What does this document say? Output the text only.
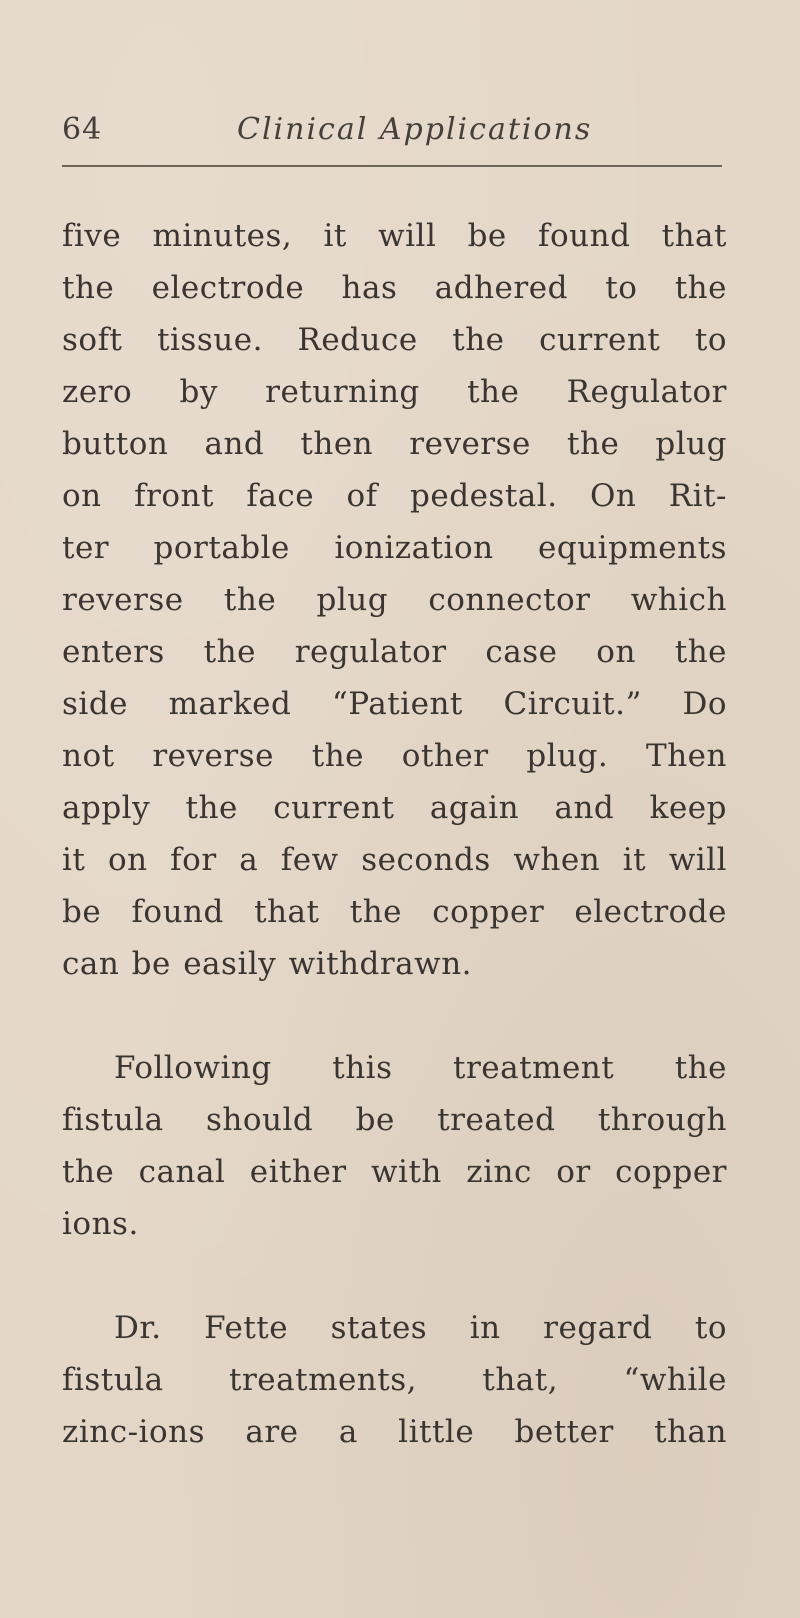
64	Clinical Applications
five minutes, it will be found that
the electrode has adhered to the
soft tissue. Reduce the current to
zero by returning the Regulator
button and then reverse the plug
on front face of pedestal. On Rit-
ter portable ionization equipments
reverse the plug connector which
enters the regulator case on the
side marked “Patient Circuit.” Do
not reverse the other plug. Then
apply the current again and keep
it on for a few seconds when it will
be found that the copper electrode
can be easily withdrawn.
Following this treatment the
fistula should be treated through
the canal either with zinc or copper
ions.
Dr. Fette states in regard to
fistula treatments, that, “while
zinc-ions are a little better than
